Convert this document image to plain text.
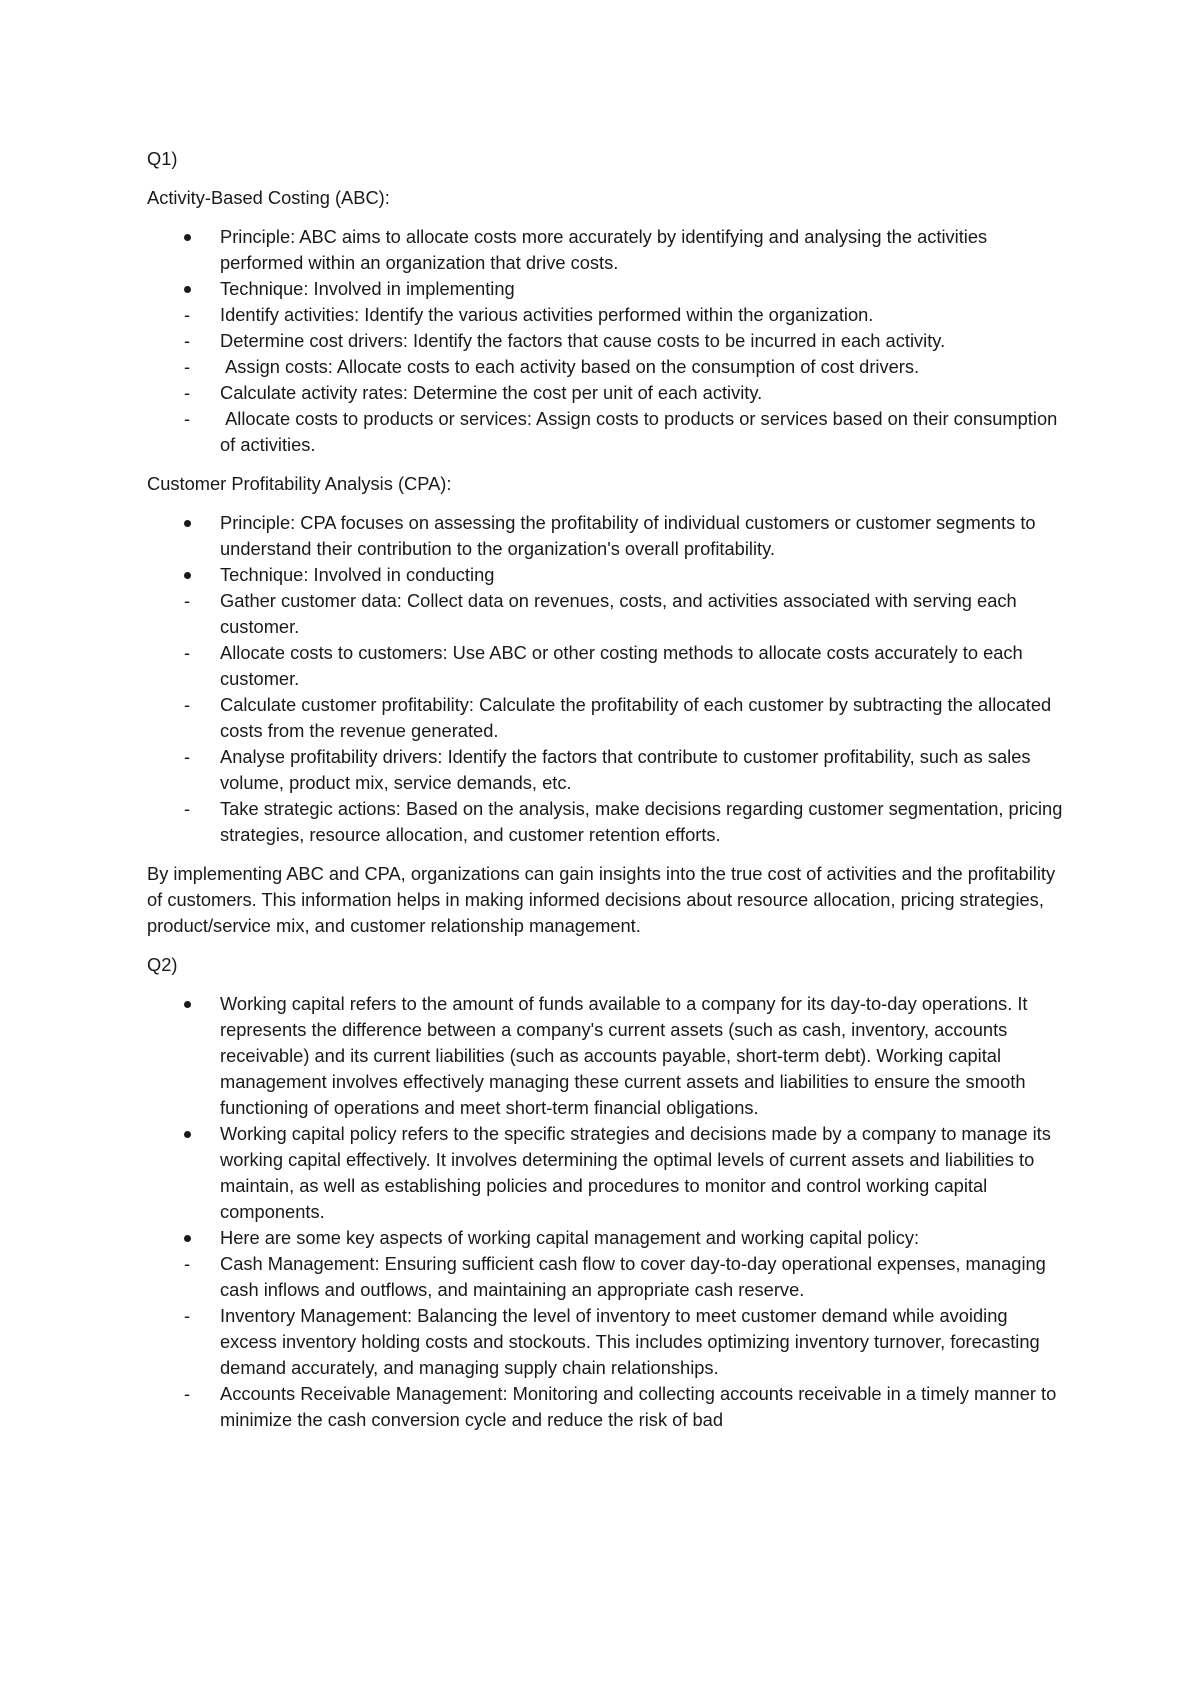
Q1)

Activity-Based Costing (ABC):

Principle: ABC aims to allocate costs more accurately by identifying and analysing the activities performed within an organization that drive costs.
Technique: Involved in implementing
- Identify activities: Identify the various activities performed within the organization.
- Determine cost drivers: Identify the factors that cause costs to be incurred in each activity.
- Assign costs: Allocate costs to each activity based on the consumption of cost drivers.
- Calculate activity rates: Determine the cost per unit of each activity.
- Allocate costs to products or services: Assign costs to products or services based on their consumption of activities.

Customer Profitability Analysis (CPA):

Principle: CPA focuses on assessing the profitability of individual customers or customer segments to understand their contribution to the organization's overall profitability.
Technique: Involved in conducting
- Gather customer data: Collect data on revenues, costs, and activities associated with serving each customer.
- Allocate costs to customers: Use ABC or other costing methods to allocate costs accurately to each customer.
- Calculate customer profitability: Calculate the profitability of each customer by subtracting the allocated costs from the revenue generated.
- Analyse profitability drivers: Identify the factors that contribute to customer profitability, such as sales volume, product mix, service demands, etc.
- Take strategic actions: Based on the analysis, make decisions regarding customer segmentation, pricing strategies, resource allocation, and customer retention efforts.

By implementing ABC and CPA, organizations can gain insights into the true cost of activities and the profitability of customers. This information helps in making informed decisions about resource allocation, pricing strategies, product/service mix, and customer relationship management.

Q2)

Working capital refers to the amount of funds available to a company for its day-to-day operations. It represents the difference between a company's current assets (such as cash, inventory, accounts receivable) and its current liabilities (such as accounts payable, short-term debt). Working capital management involves effectively managing these current assets and liabilities to ensure the smooth functioning of operations and meet short-term financial obligations.
Working capital policy refers to the specific strategies and decisions made by a company to manage its working capital effectively. It involves determining the optimal levels of current assets and liabilities to maintain, as well as establishing policies and procedures to monitor and control working capital components.
Here are some key aspects of working capital management and working capital policy:
- Cash Management: Ensuring sufficient cash flow to cover day-to-day operational expenses, managing cash inflows and outflows, and maintaining an appropriate cash reserve.
- Inventory Management: Balancing the level of inventory to meet customer demand while avoiding excess inventory holding costs and stockouts. This includes optimizing inventory turnover, forecasting demand accurately, and managing supply chain relationships.
- Accounts Receivable Management: Monitoring and collecting accounts receivable in a timely manner to minimize the cash conversion cycle and reduce the risk of bad
